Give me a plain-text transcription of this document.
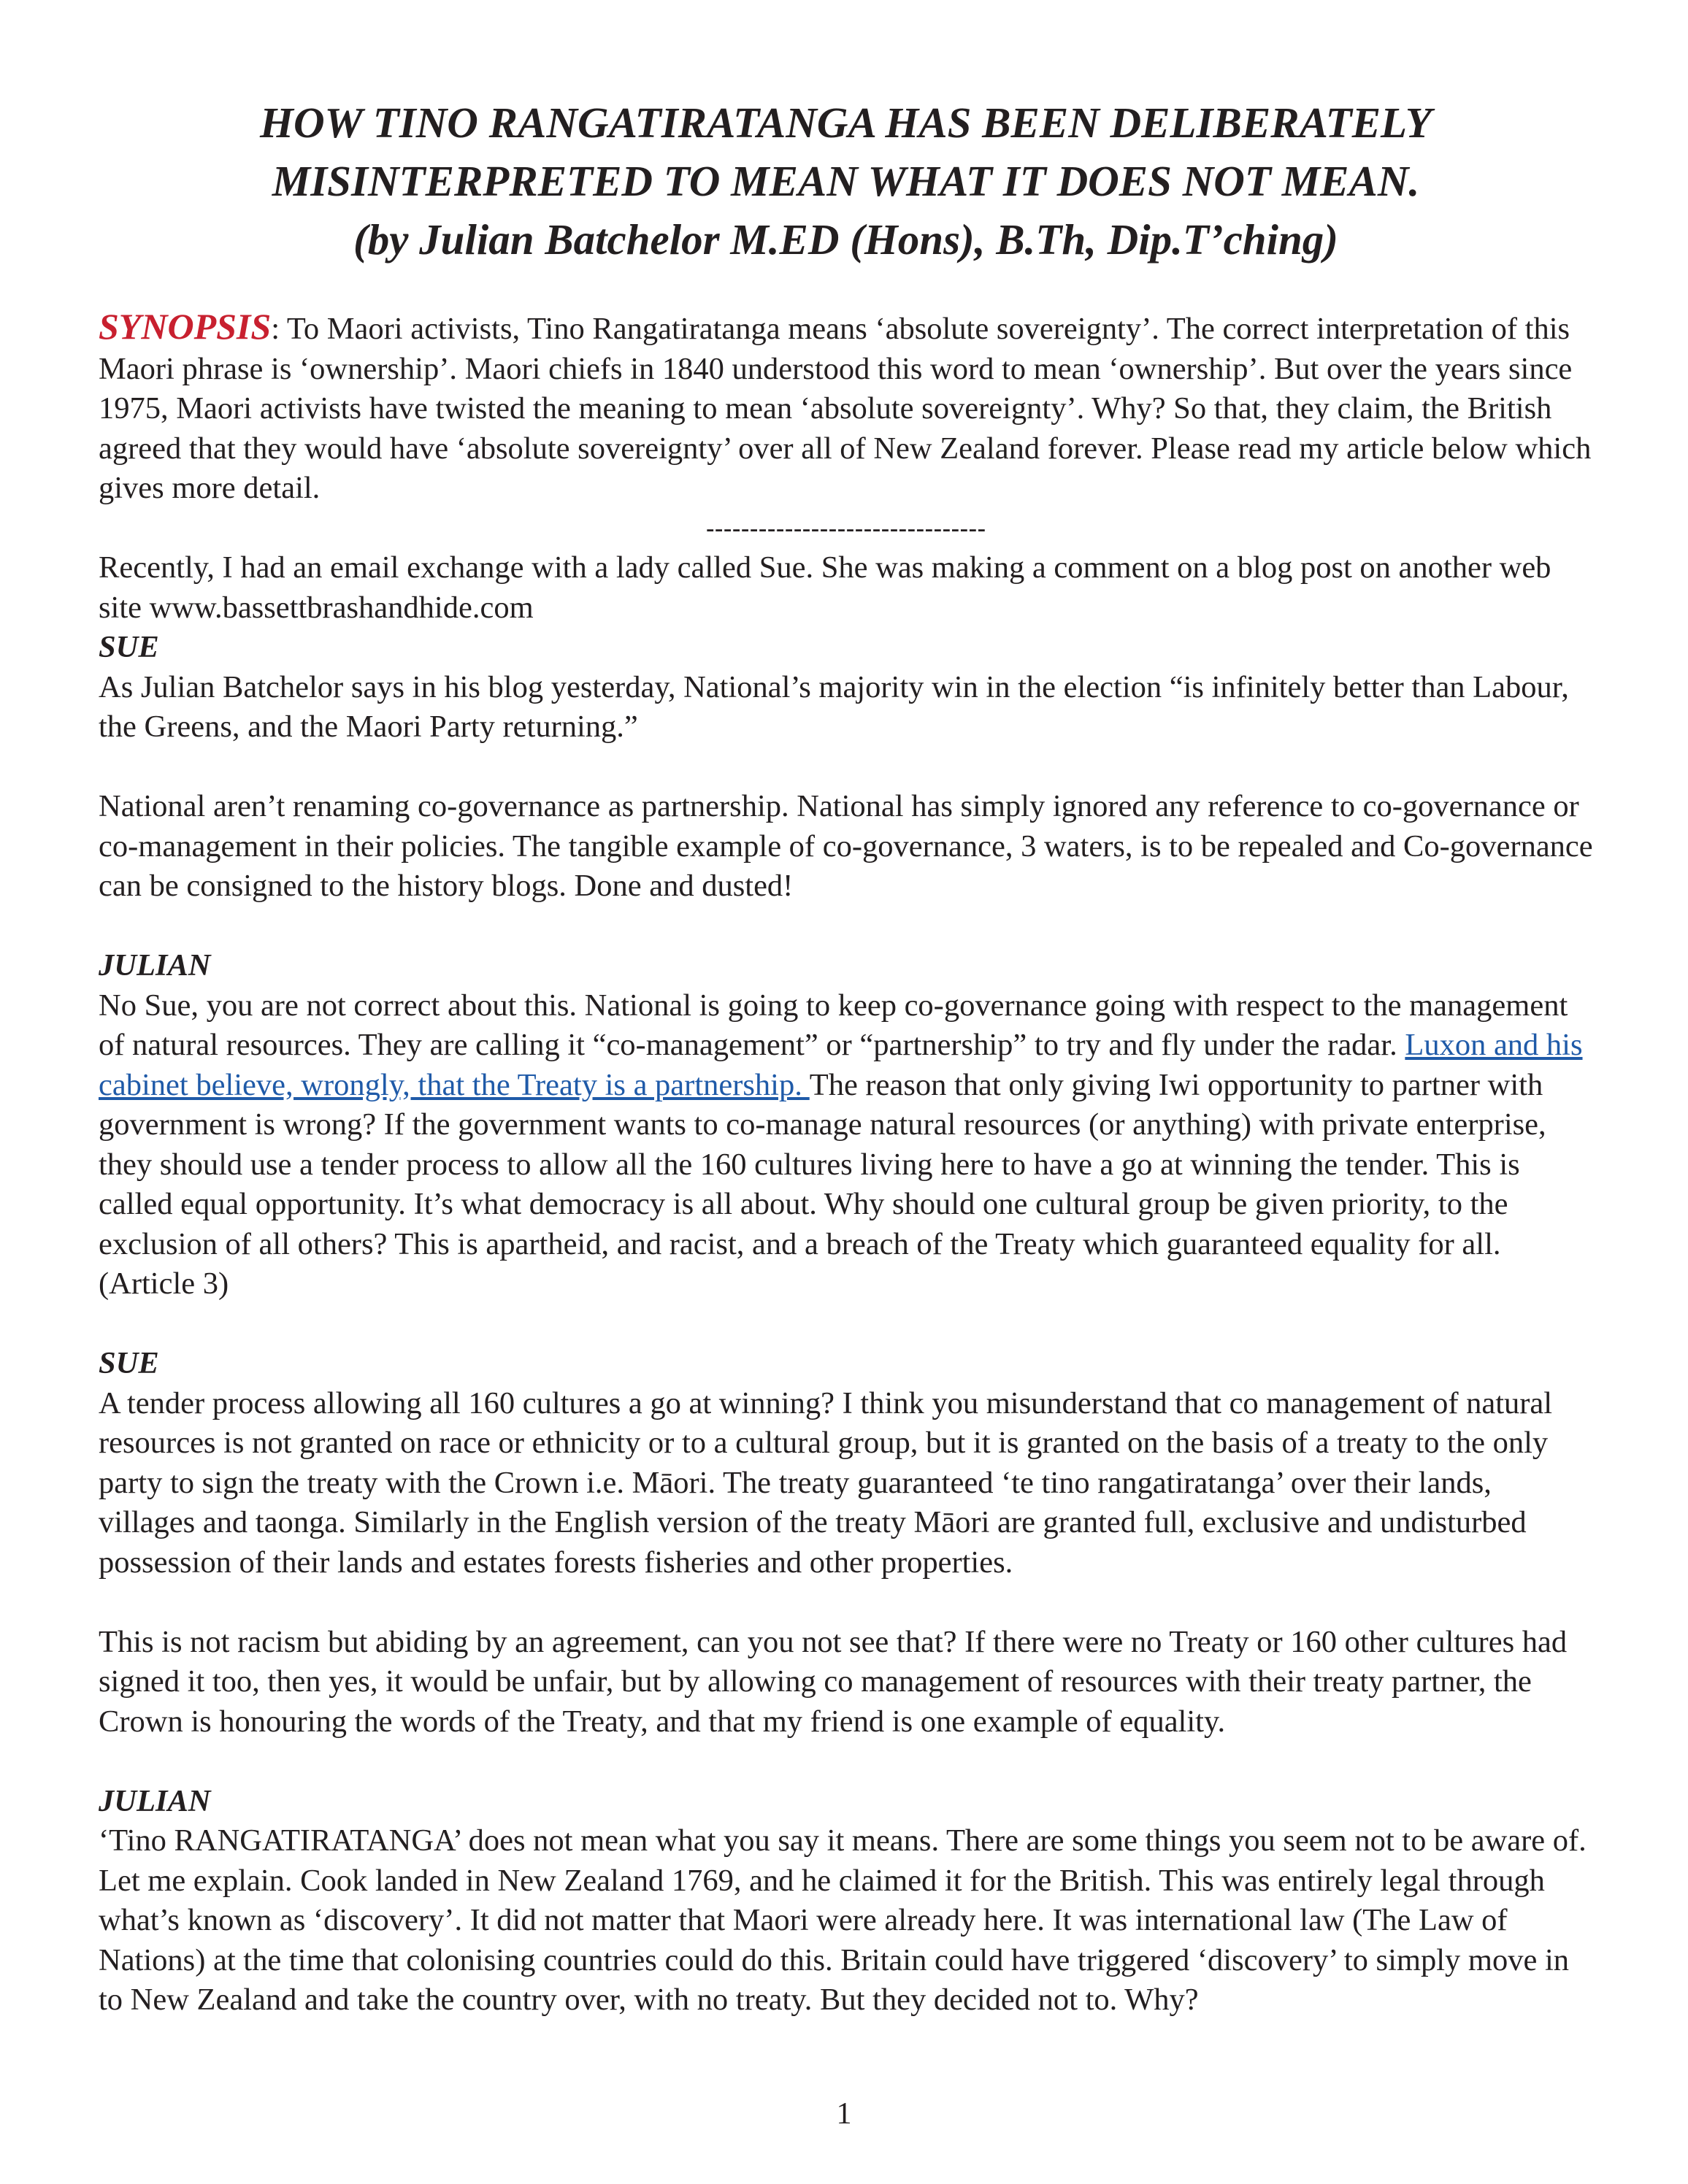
HOW TINO RANGATIRATANGA HAS BEEN DELIBERATELY
MISINTERPRETED TO MEAN WHAT IT DOES NOT MEAN.
(by Julian Batchelor M.ED (Hons), B.Th, Dip.T’ching)

SYNOPSIS: To Maori activists, Tino Rangatiratanga means ‘absolute sovereignty’. The correct interpretation of this Maori phrase is ‘ownership’. Maori chiefs in 1840 understood this word to mean ‘ownership’. But over the years since 1975, Maori activists have twisted the meaning to mean ‘absolute sovereignty’. Why? So that, they claim, the British agreed that they would have ‘absolute sovereignty’ over all of New Zealand forever. Please read my article below which gives more detail.

--------------------------------

Recently, I had an email exchange with a lady called Sue. She was making a comment on a blog post on another web site www.bassettbrashandhide.com

SUE

As Julian Batchelor says in his blog yesterday, National’s majority win in the election “is infinitely better than Labour, the Greens, and the Maori Party returning.”

National aren’t renaming co-governance as partnership. National has simply ignored any reference to co-governance or co-management in their policies. The tangible example of co-governance, 3 waters, is to be repealed and Co-governance can be consigned to the history blogs. Done and dusted!

JULIAN

No Sue, you are not correct about this. National is going to keep co-governance going with respect to the management of natural resources. They are calling it “co-management” or “partnership” to try and fly under the radar. Luxon and his cabinet believe, wrongly, that the Treaty is a partnership. The reason that only giving Iwi opportunity to partner with government is wrong? If the government wants to co-manage natural resources (or anything) with private enterprise, they should use a tender process to allow all the 160 cultures living here to have a go at winning the tender. This is called equal opportunity. It’s what democracy is all about. Why should one cultural group be given priority, to the exclusion of all others? This is apartheid, and racist, and a breach of the Treaty which guaranteed equality for all. (Article 3)

SUE

A tender process allowing all 160 cultures a go at winning? I think you misunderstand that co management of natural resources is not granted on race or ethnicity or to a cultural group, but it is granted on the basis of a treaty to the only party to sign the treaty with the Crown i.e. Māori. The treaty guaranteed ‘te tino rangatiratanga’ over their lands, villages and taonga. Similarly in the English version of the treaty Māori are granted full, exclusive and undisturbed possession of their lands and estates forests fisheries and other properties.

This is not racism but abiding by an agreement, can you not see that? If there were no Treaty or 160 other cultures had signed it too, then yes, it would be unfair, but by allowing co management of resources with their treaty partner, the Crown is honouring the words of the Treaty, and that my friend is one example of equality.

JULIAN

‘Tino RANGATIRATANGA’ does not mean what you say it means. There are some things you seem not to be aware of. Let me explain. Cook landed in New Zealand 1769, and he claimed it for the British. This was entirely legal through what’s known as ‘discovery’. It did not matter that Maori were already here. It was international law (The Law of Nations) at the time that colonising countries could do this. Britain could have triggered ‘discovery’ to simply move in to New Zealand and take the country over, with no treaty. But they decided not to. Why?

1
